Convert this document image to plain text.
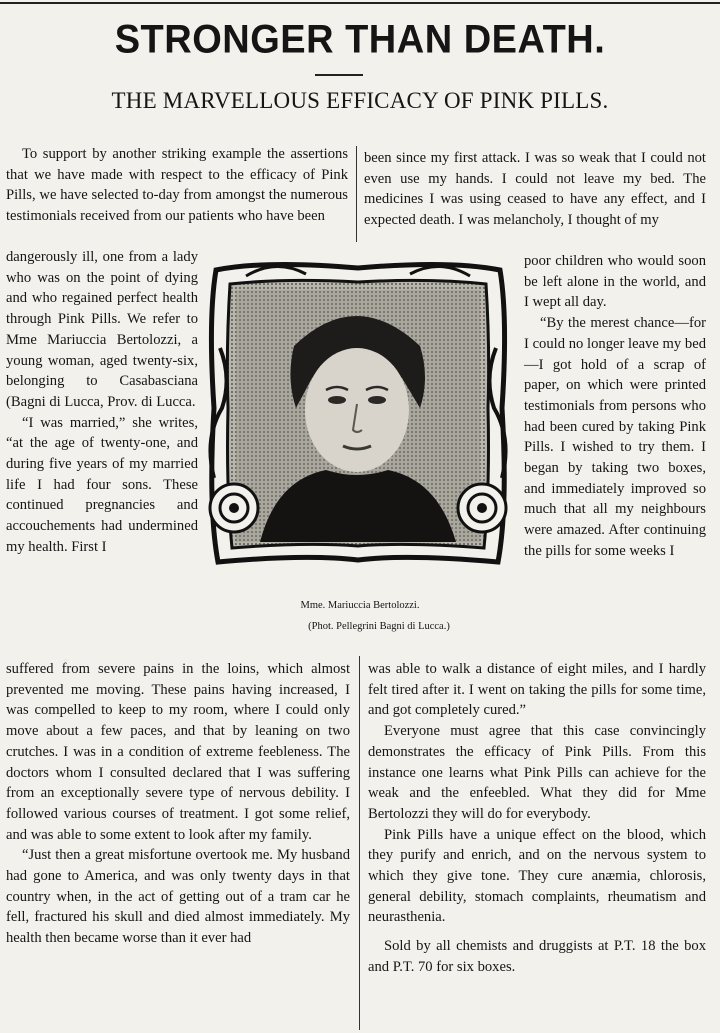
STRONGER THAN DEATH.
THE MARVELLOUS EFFICACY OF PINK PILLS.

To support by another striking example the assertions that we have made with respect to the efficacy of Pink Pills, we have selected to-day from amongst the numerous testimonials received from our patients who have been

dangerously ill, one from a lady who was on the point of dying and who regained perfect health through Pink Pills. We refer to Mme Mariuccia Bertolozzi, a young woman, aged twenty-six, belonging to Casabasciana (Bagni di Lucca, Prov. di Lucca.

“I was married,” she writes, “at the age of twenty-one, and during five years of my married life I had four sons. These continued pregnancies and accouchements had undermined my health. First I

suffered from severe pains in the loins, which almost prevented me moving. These pains having increased, I was compelled to keep to my room, where I could only move about a few paces, and that by leaning on two crutches. I was in a condition of extreme feebleness. The doctors whom I consulted declared that I was suffering from an exceptionally severe type of nervous debility. I followed various courses of treatment. I got some relief, and was able to some extent to look after my family.

“Just then a great misfortune overtook me. My husband had gone to America, and was only twenty days in that country when, in the act of getting out of a tram car he fell, fractured his skull and died almost immediately. My health then became worse than it ever had

been since my first attack. I was so weak that I could not even use my hands. I could not leave my bed. The medicines I was using ceased to have any effect, and I expected death. I was melancholy, I thought of my

poor children who would soon be left alone in the world, and I wept all day.

“By the merest chance—for I could no longer leave my bed—I got hold of a scrap of paper, on which were printed testimonials from persons who had been cured by taking Pink Pills. I wished to try them. I began by taking two boxes, and immediately improved so much that all my neighbours were amazed. After continuing the pills for some weeks I

was able to walk a distance of eight miles, and I hardly felt tired after it. I went on taking the pills for some time, and got completely cured.”

Everyone must agree that this case convincingly demonstrates the efficacy of Pink Pills. From this instance one learns what Pink Pills can achieve for the weak and the enfeebled. What they did for Mme Bertolozzi they will do for everybody.

Pink Pills have a unique effect on the blood, which they purify and enrich, and on the nervous system to which they give tone. They cure anæmia, chlorosis, general debility, stomach complaints, rheumatism and neurasthenia.

Sold by all chemists and druggists at P.T. 18 the box and P.T. 70 for six boxes.

Mme. Mariuccia Bertolozzi.
(Phot. Pellegrini Bagni di Lucca.)
